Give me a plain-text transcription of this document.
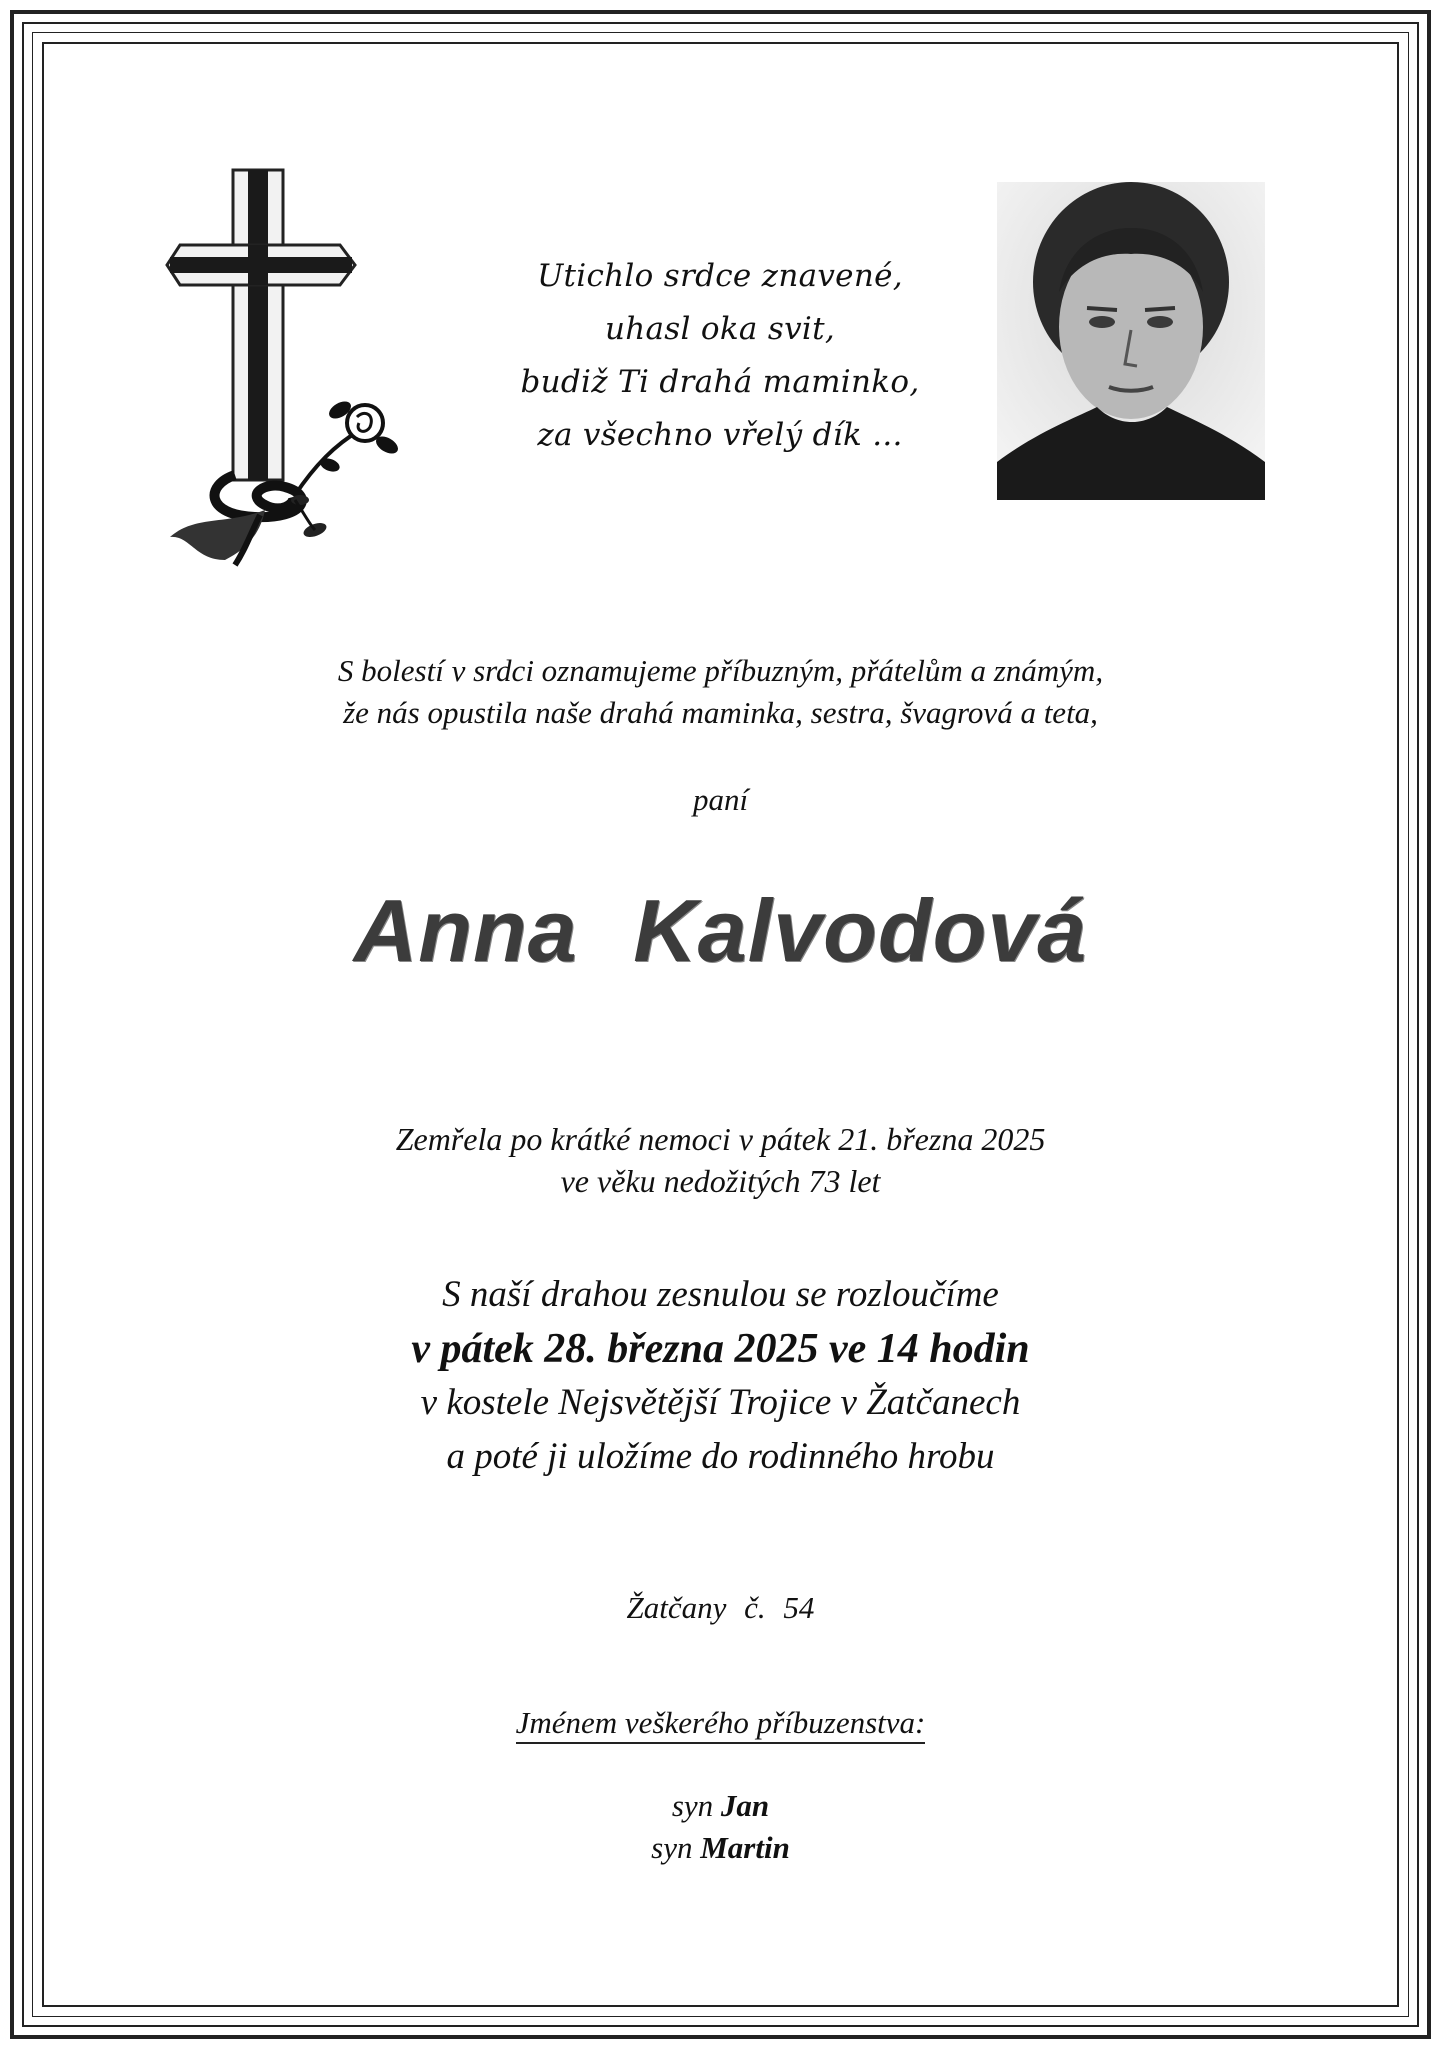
Utichlo srdce znavené,
uhasl oka svit,
budiž Ti drahá maminko,
za všechno vřelý dík ...
S bolestí v srdci oznamujeme příbuzným, přátelům a známým,
že nás opustila naše drahá maminka, sestra, švagrová a teta,
paní
Anna Kalvodová
Zemřela po krátké nemoci v pátek 21. března 2025
ve věku nedožitých 73 let
S naší drahou zesnulou se rozloučíme
v pátek 28. března 2025 ve 14 hodin
v kostele Nejsvětější Trojice v Žatčanech
a poté ji uložíme do rodinného hrobu
Žatčany č. 54
Jménem veškerého příbuzenstva:
syn Jan
syn Martin
